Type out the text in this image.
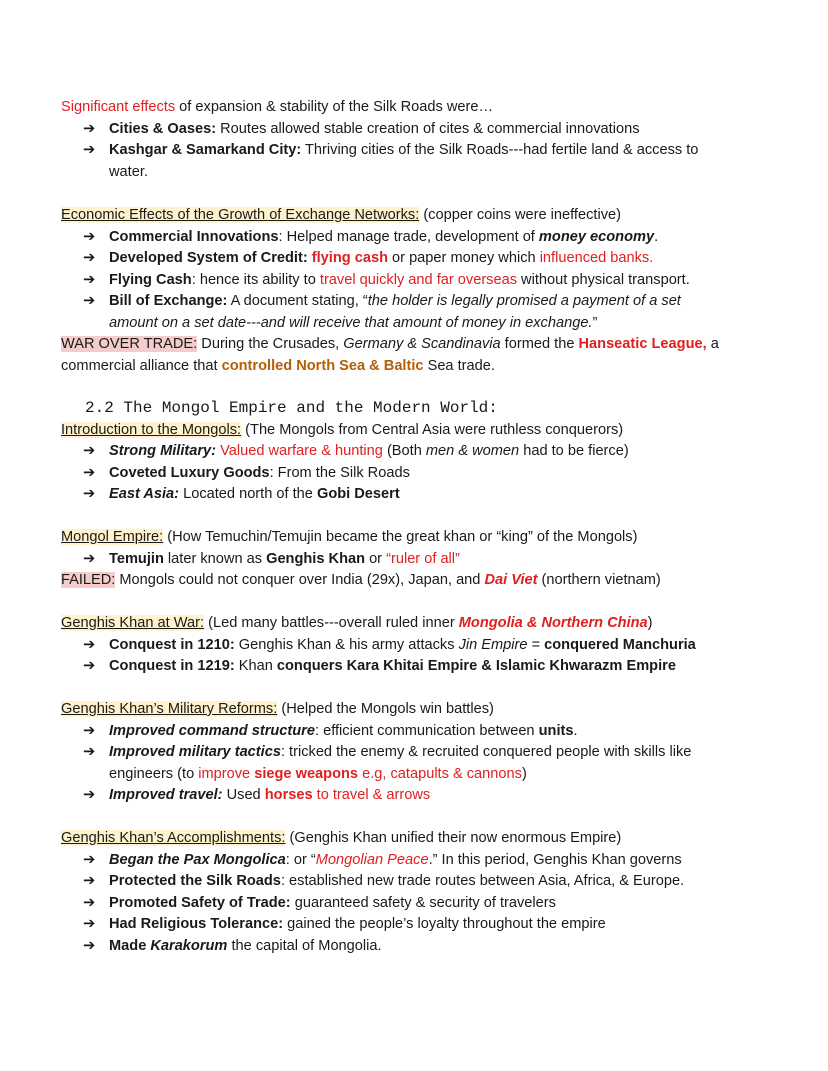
Significant effects of expansion & stability of the Silk Roads were…
➔ Cities & Oases: Routes allowed stable creation of cites & commercial innovations
➔ Kashgar & Samarkand City: Thriving cities of the Silk Roads---had fertile land & access to
water.
Economic Effects of the Growth of Exchange Networks: (copper coins were ineffective)
➔ Commercial Innovations: Helped manage trade, development of money economy.
➔ Developed System of Credit: flying cash or paper money which influenced banks.
➔ Flying Cash: hence its ability to travel quickly and far overseas without physical transport.
➔ Bill of Exchange: A document stating, “the holder is legally promised a payment of a set
amount on a set date---and will receive that amount of money in exchange.”
WAR OVER TRADE: During the Crusades, Germany & Scandinavia formed the Hanseatic League, a
commercial alliance that controlled North Sea & Baltic Sea trade.
2.2 The Mongol Empire and the Modern World:
Introduction to the Mongols: (The Mongols from Central Asia were ruthless conquerors)
➔ Strong Military: Valued warfare & hunting (Both men & women had to be fierce)
➔ Coveted Luxury Goods: From the Silk Roads
➔ East Asia: Located north of the Gobi Desert
Mongol Empire: (How Temuchin/Temujin became the great khan or “king” of the Mongols)
➔ Temujin later known as Genghis Khan or “ruler of all”
FAILED: Mongols could not conquer over India (29x), Japan, and Dai Viet (northern vietnam)
Genghis Khan at War: (Led many battles---overall ruled inner Mongolia & Northern China)
➔ Conquest in 1210: Genghis Khan & his army attacks Jin Empire = conquered Manchuria
➔ Conquest in 1219: Khan conquers Kara Khitai Empire & Islamic Khwarazm Empire
Genghis Khan’s Military Reforms: (Helped the Mongols win battles)
➔ Improved command structure: efficient communication between units.
➔ Improved military tactics: tricked the enemy & recruited conquered people with skills like
engineers (to improve siege weapons e.g, catapults & cannons)
➔ Improved travel: Used horses to travel & arrows
Genghis Khan’s Accomplishments: (Genghis Khan unified their now enormous Empire)
➔ Began the Pax Mongolica: or “Mongolian Peace.” In this period, Genghis Khan governs
➔ Protected the Silk Roads: established new trade routes between Asia, Africa, & Europe.
➔ Promoted Safety of Trade: guaranteed safety & security of travelers
➔ Had Religious Tolerance: gained the people’s loyalty throughout the empire
➔ Made Karakorum the capital of Mongolia.
